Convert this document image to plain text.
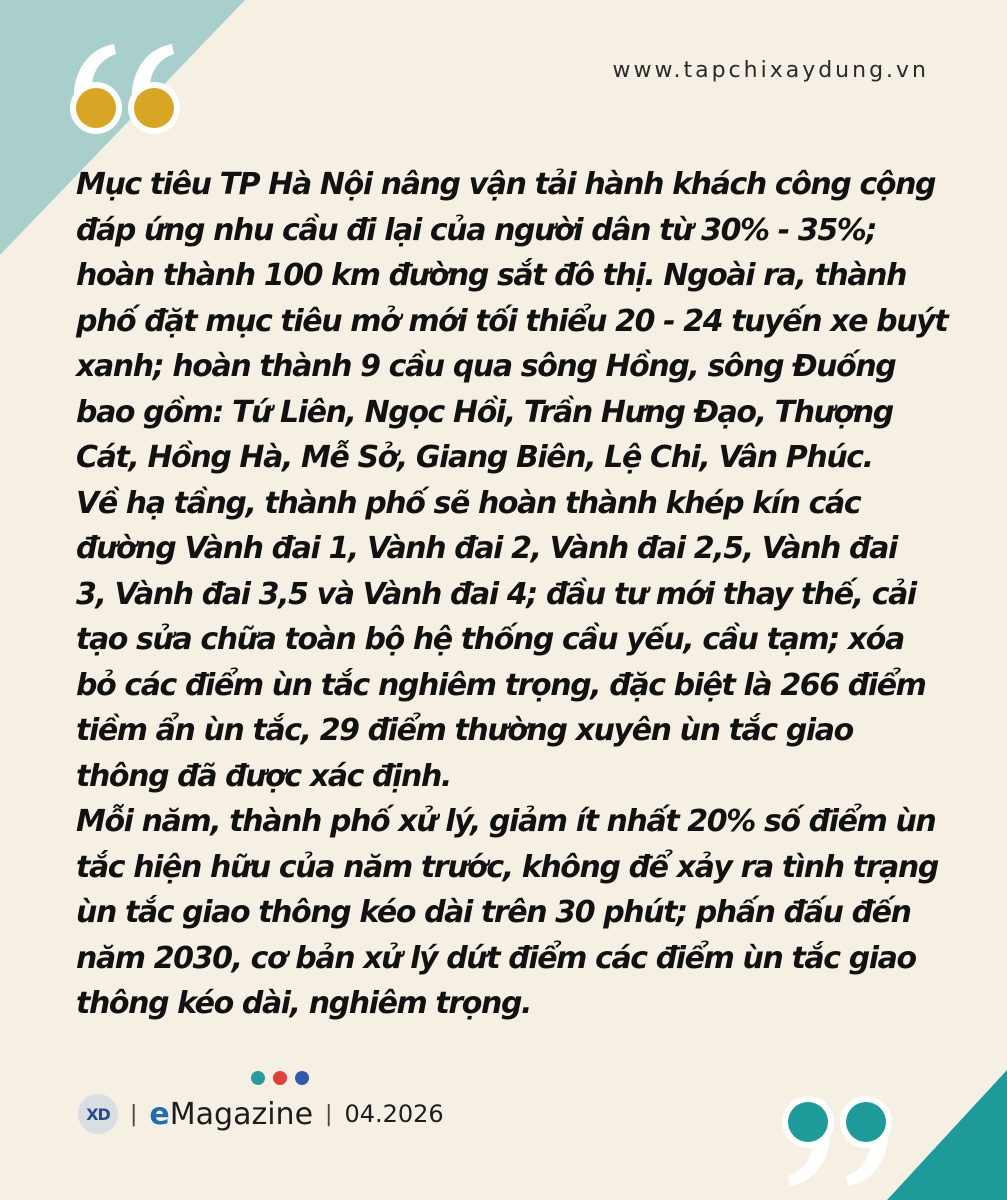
www.tapchixaydung.vn

Mục tiêu TP Hà Nội nâng vận tải hành khách công cộng

đáp ứng nhu cầu đi lại của người dân từ 30% - 35%;

hoàn thành 100 km đường sắt đô thị. Ngoài ra, thành

phố đặt mục tiêu mở mới tối thiểu 20 - 24 tuyến xe buýt

xanh; hoàn thành 9 cầu qua sông Hồng, sông Đuống

bao gồm: Tứ Liên, Ngọc Hồi, Trần Hưng Đạo, Thượng

Cát, Hồng Hà, Mễ Sở, Giang Biên, Lệ Chi, Vân Phúc.

Về hạ tầng, thành phố sẽ hoàn thành khép kín các

đường Vành đai 1, Vành đai 2, Vành đai 2,5, Vành đai

3, Vành đai 3,5 và Vành đai 4; đầu tư mới thay thế, cải

tạo sửa chữa toàn bộ hệ thống cầu yếu, cầu tạm; xóa

bỏ các điểm ùn tắc nghiêm trọng, đặc biệt là 266 điểm

tiềm ẩn ùn tắc, 29 điểm thường xuyên ùn tắc giao

thông đã được xác định.

Mỗi năm, thành phố xử lý, giảm ít nhất 20% số điểm ùn

tắc hiện hữu của năm trước, không để xảy ra tình trạng

ùn tắc giao thông kéo dài trên 30 phút; phấn đấu đến

năm 2030, cơ bản xử lý dứt điểm các điểm ùn tắc giao

thông kéo dài, nghiêm trọng.

XD | eMagazine | 04.2026
